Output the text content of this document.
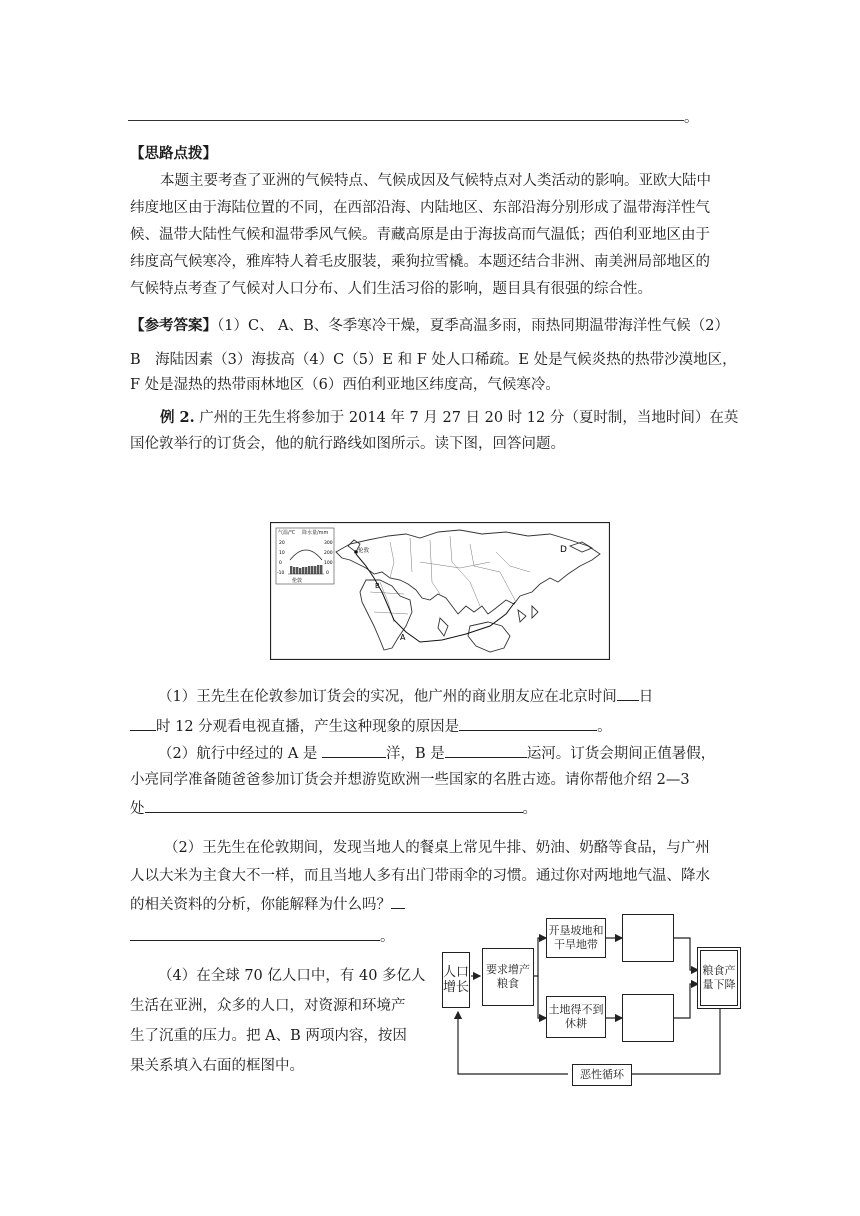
。
【思路点拨】
本题主要考查了亚洲的气候特点、气候成因及气候特点对人类活动的影响。亚欧大陆中
纬度地区由于海陆位置的不同，在西部沿海、内陆地区、东部沿海分别形成了温带海洋性气
候、温带大陆性气候和温带季风气候。青藏高原是由于海拔高而气温低；西伯利亚地区由于
纬度高气候寒冷，雅库特人着毛皮服装，乘狗拉雪橇。本题还结合非洲、南美洲局部地区的
气候特点考查了气候对人口分布、人们生活习俗的影响，题目具有很强的综合性。
【参考答案】（1）C、 A、B、冬季寒冷干燥，夏季高温多雨，雨热同期温带海洋性气候（2）
B　海陆因素（3）海拔高（4）C（5）E 和 F 处人口稀疏。E 处是气候炎热的热带沙漠地区，
F 处是湿热的热带雨林地区（6）西伯利亚地区纬度高，气候寒冷。
例 2. 广州的王先生将参加于 2014 年 7 月 27 日 20 时 12 分（夏时制，当地时间）在英
国伦敦举行的订货会，他的航行路线如图所示。读下图，回答问题。
气温/℃ 降水量/mm
20
10
0
-10
300
200
100
0
伦敦
伦敦
A
B
D
（1）王先生在伦敦参加订货会的实况，他广州的商业朋友应在北京时间 日
时 12 分观看电视直播，产生这种现象的原因是	。
（2）航行中经过的 A 是	洋，B 是	运河。订货会期间正值暑假，
小亮同学准备随爸爸参加订货会并想游览欧洲一些国家的名胜古迹。请你帮他介绍 2—3
处	。
（2）王先生在伦敦期间，发现当地人的餐桌上常见牛排、奶油、奶酪等食品，与广州
人以大米为主食大不一样，而且当地人多有出门带雨伞的习惯。通过你对两地地气温、降水
的相关资料的分析，你能解释为什么吗？
。
（4）在全球 70 亿人口中，有 40 多亿人
生活在亚洲，众多的人口，对资源和环境产
生了沉重的压力。把 A、B 两项内容，按因
果关系填入右面的框图中。
人口增长
要求增产粮食
开垦坡地和干旱地带
土地得不到休耕
粮食产量下降
恶性循环
